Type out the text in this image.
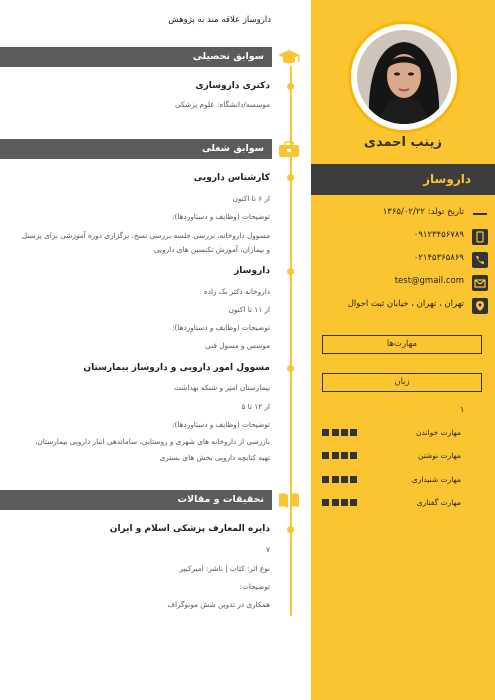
زینب احمدی
داروساز
تاریخ تولد: ۱۳۶۵/۰۲/۲۲
۰۹۱۲۳۴۵۶۷۸۹
۰۲۱۴۵۳۶۵۸۶۹
test@gmail.com
تهران ، تهران ، خیابان ثبت احوال
مهارت‌ها
زبان
۱
مهارت خواندن
مهارت نوشتن
مهارت شنیداری
مهارت گفتاری
داروساز علاقه مند به پژوهش
سوابق تحصیلی
دکتری داروسازی
موسسه/دانشگاه: علوم پزشکی
سوابق شغلی
کارشناس دارویی
از ۶ تا اکنون
توضیحات (وظایف و دستاوردها):
مسوول داروخانه، بررسی جلسه بررسی نسخ، برگزاری دوره آموزشی برای پرسنل
و بیماران، آموزش تکنسین های دارویی
داروساز
داروخانه دکتر بک زاده
از ۱۱ تا اکنون
توضیحات (وظایف و دستاوردها):
موسس و مسول فنی
مسوول امور دارویی و داروساز بیمارستان
بیمارستان امیر و شبکه بهداشت
از ۱۲ تا ۵
توضیحات (وظایف و دستاوردها):
بازرسی از داروخانه های شهری و روستایی، ساماندهی انبار دارویی بیمارستان،
تهیه کتابچه دارویی بخش های بستری
تحقیقات و مقالات
دایره المعارف پزشکی اسلام و ایران
۷
نوع اثر: کتاب | ناشر: امیرکبیر
توضیحات:
همکاری در تدوین شش مونوگراف
